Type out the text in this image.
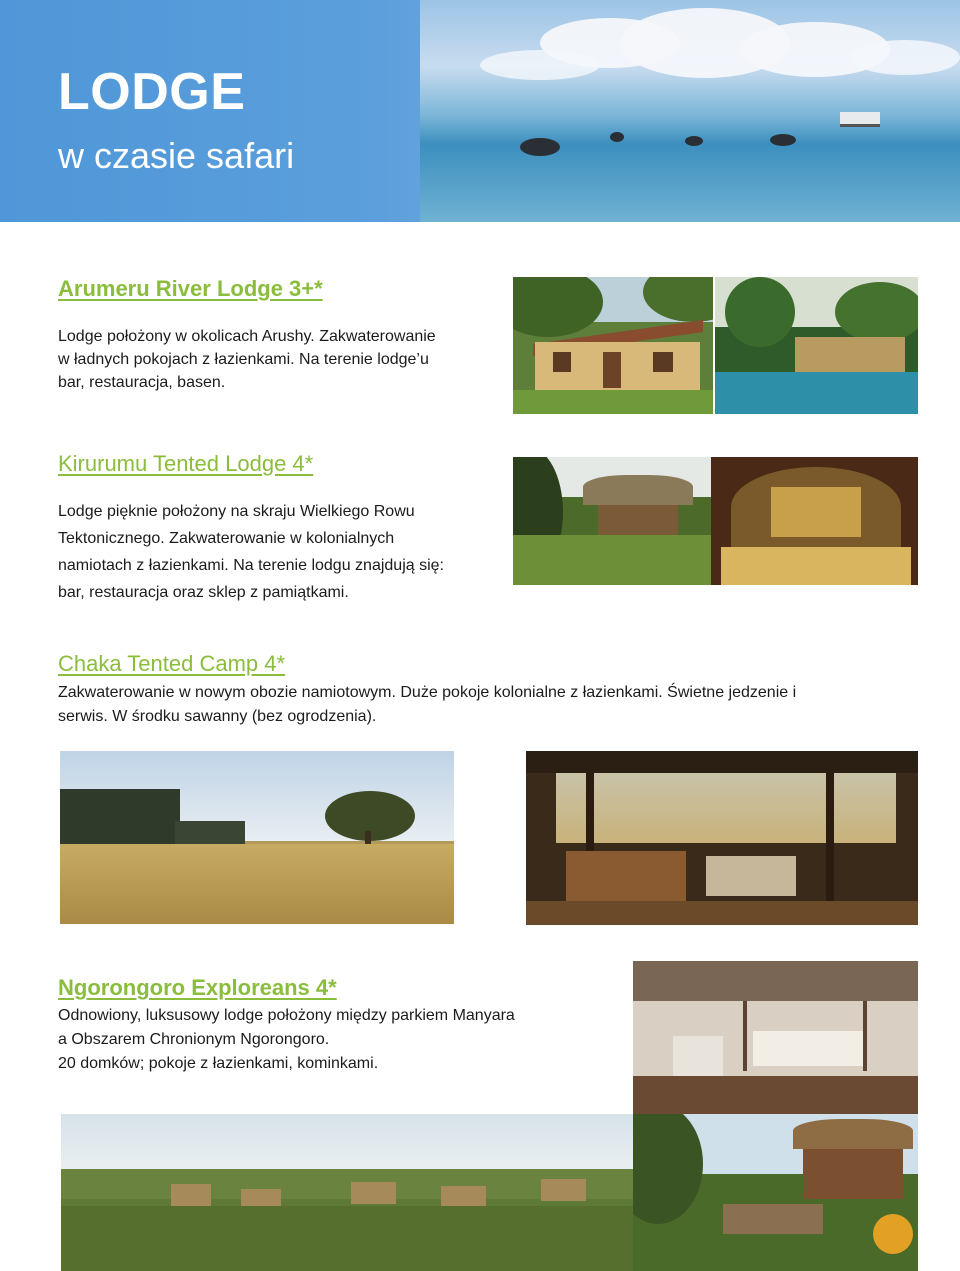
LODGE
w czasie safari
Arumeru River Lodge 3+*

Lodge położony w okolicach Arushy. Zakwaterowanie
w ładnych pokojach z łazienkami. Na terenie lodge’u
bar, restauracja, basen.

Kirurumu Tented Lodge 4*

Lodge pięknie położony na skraju Wielkiego Rowu
Tektonicznego. Zakwaterowanie w kolonialnych
namiotach z łazienkami. Na terenie lodgu znajdują się:
bar, restauracja oraz sklep z pamiątkami.

Chaka Tented Camp 4*

Zakwaterowanie w nowym obozie namiotowym. Duże pokoje kolonialne z łazienkami. Świetne jedzenie i
serwis. W środku sawanny (bez ogrodzenia).

Ngorongoro Exploreans 4*

Odnowiony, luksusowy lodge położony między parkiem Manyara
a Obszarem Chronionym Ngorongoro.
20 domków; pokoje z łazienkami, kominkami.
